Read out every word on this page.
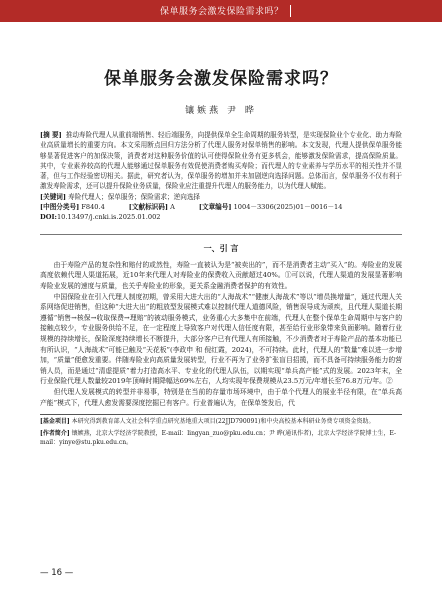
保单服务会激发保险需求吗？
保单服务会激发保险需求吗？
镶嫉燕 尹 晔
[摘 要] 推动寿险代理人从重前端销售、轻后端服务，向提供保单全生命周期的服务转型，是实现保险业个专业化、助力寿险业高质量增长的重要方向。本文采用断点回归方法分析了代理人服务对保单销售的影响。本文发现，代理人提供保单服务能够显著促进客户的加保决策，消费者对这种服务价值的认可使得保险业务有更多机会，能够激发保险需求，提高保险质量。其中，专业素养较高的代理人能够通过保单服务有效促使消费者购买寿险；而代理人的专业素养与学历水平的相关性并不显著，但与工作经验密切相关。据此，研究者认为，保单服务的增加并未加剧逆向选择问题。总体而言，保单服务不仅有利于激发寿险需求，还可以提升保险业务质量，保险业应注重提升代理人的服务能力，以为代理人赋能。
[关键词] 寿险代理人；保单服务；保险需求；逆向选择
[中图分类号] F840.4	[文献标识码] A	[文章编号] 1004－3306(2025)01－0016－14
DOI:10.13497/j.cnki.is.2025.01.002
一、引 言

由于寿险产品的复杂性和赔付的或然性，寿险一直被认为是“被卖出的”，而不是消费者主动“买入”的。寿险业的发展高度依赖代理人渠道拓展，近10年来代理人对寿险业的保费收入贡献超过40%。①可以说，代理人渠道的发展显著影响寿险业发展的速度与质量，也关乎寿险业的形象，更关系金融消费者保护的有效性。

中国保险业在引入代理人制度初期，曾采用大进大出的“人海战术”“健康人海战术”等以“增员换增量”，通过代理人关系网络促进销售，但这种“大进大出”的粗放型发展模式难以控制代理人道德风险，销售误导成为顽疾，且代理人渠道长期遵循“销售→核保→收取保费→理赔”的被动服务模式，业务重心大多集中在前端，代理人在整个保单生命周期中与客户的接触点较少，专业服务供给不足，在一定程度上导致客户对代理人信任度有限，甚至给行业形象带来负面影响。随着行业规模的持续增长，保险深度持续增长不断提升，大部分客户已有代理人有所接触，不少消费者对于寿险产品的基本功能已有所认识，“人海战术”可能已触及“天花板”(李政申 和 倪红霞，2024)，不可持续。此时，代理人的“数量”难以进一步增加，“质量”便愈发重要。伴随寿险业向高质量发展转型，行业不再为了业务扩张盲目招揽，而不具备可持续服务能力的营销人员，而是通过“清虚提质”着力打造高水平、专业化的代理人队伍，以期实现“单兵高产能”式的发展。2023年末，全行业保险代理人数量较2019年顶峰时期降幅达69%左右，人均实现年保费规模从23.5万元/年增长至76.8万元/年。②

但代理人发展模式的转型并非易事，特别是在当前的存量市场环境中，由于单个代理人的展业半径有限，在“单兵高产能”模式下，代理人愈发需要深度挖掘已有客户。行业普遍认为，在保单签发后，代

[基金项目] 本研究得到教育部人文社会科学重点研究基地重大项目(22JJD790091)和中央高校基本科研业务费专项资金资助。
[作者简介] 镶嫉燕，北京大学经济学院教授，E-mail：lingyan_zuo@pku.edu.cn；尹 晔(通讯作者)，北京大学经济学院博士生，E-mail：yinye@stu.pku.edu.cn。
— 16 —
